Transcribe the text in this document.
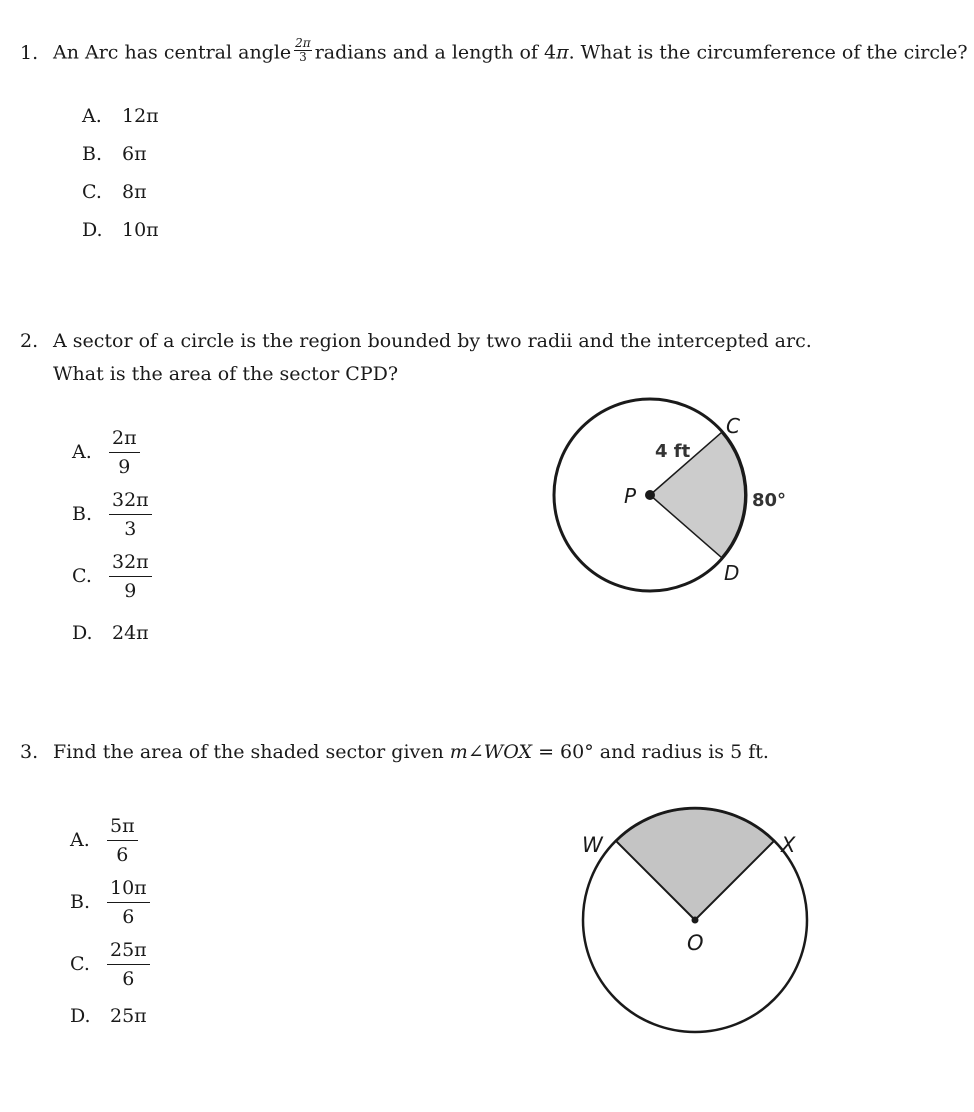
1. An Arc has central angle $\frac{2\pi}{3}$ radians and a length of 4π. What is the circumference of the circle?
A. 12π
B. 6π
C. 8π
D. 10π
2. A sector of a circle is the region bounded by two radii and the intercepted arc.
What is the area of the sector CPD?
A. $\frac{2\pi}{9}$
B. $\frac{32\pi}{3}$
C. $\frac{32\pi}{9}$
D. 24π
P
C
D
4 ft
80°
3. Find the area of the shaded sector given m∠WOX = 60° and radius is 5 ft.
A. $\frac{5\pi}{6}$
B. $\frac{10\pi}{6}$
C. $\frac{25\pi}{6}$
D. 25π
W	X
O
